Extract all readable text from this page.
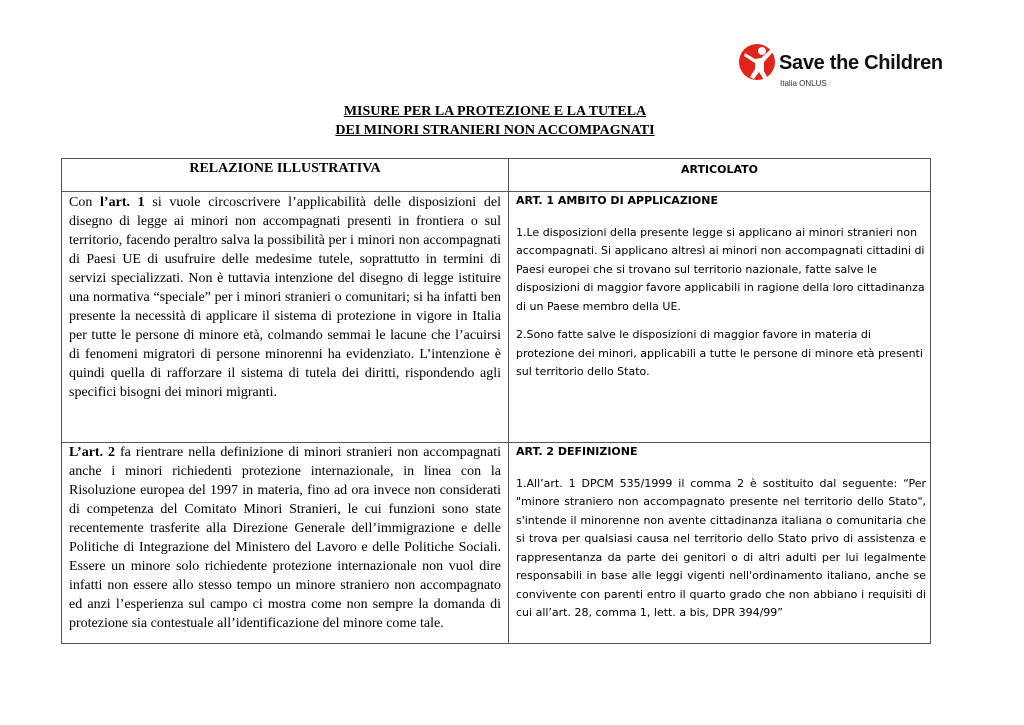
Save the Children
Italia ONLUS
MISURE PER LA PROTEZIONE E LA TUTELA
DEI MINORI STRANIERI NON ACCOMPAGNATI
RELAZIONE ILLUSTRATIVA	ARTICOLATO
Con l’art. 1 si vuole circoscrivere l’applicabilità delle disposizioni del disegno di legge ai minori non accompagnati presenti in frontiera o sul territorio, facendo peraltro salva la possibilità per i minori non accompagnati di Paesi UE di usufruire delle medesime tutele, soprattutto in termini di servizi specializzati. Non è tuttavia intenzione del disegno di legge istituire una normativa “speciale” per i minori stranieri o comunitari; si ha infatti ben presente la necessità di applicare il sistema di protezione in vigore in Italia per tutte le persone di minore età, colmando semmai le lacune che l’acuirsi di fenomeni migratori di persone minorenni ha evidenziato. L’intenzione è quindi quella di rafforzare il sistema di tutela dei diritti, rispondendo agli specifici bisogni dei minori migranti.
ART. 1 AMBITO DI APPLICAZIONE

1.Le disposizioni della presente legge si applicano ai minori stranieri non accompagnati. Si applicano altresì ai minori non accompagnati cittadini di Paesi europei che si trovano sul territorio nazionale, fatte salve le disposizioni di maggior favore applicabili in ragione della loro cittadinanza di un Paese membro della UE.

2.Sono fatte salve le disposizioni di maggior favore in materia di protezione dei minori, applicabili a tutte le persone di minore età presenti sul territorio dello Stato.

L’art. 2 fa rientrare nella definizione di minori stranieri non accompagnati anche i minori richiedenti protezione internazionale, in linea con la Risoluzione europea del 1997 in materia, fino ad ora invece non considerati di competenza del Comitato Minori Stranieri, le cui funzioni sono state recentemente trasferite alla Direzione Generale dell’immigrazione e delle Politiche di Integrazione del Ministero del Lavoro e delle Politiche Sociali. Essere un minore solo richiedente protezione internazionale non vuol dire infatti non essere allo stesso tempo un minore straniero non accompagnato ed anzi l’esperienza sul campo ci mostra come non sempre la domanda di protezione sia contestuale all’identificazione del minore come tale.
ART. 2 DEFINIZIONE

1.All’art. 1 DPCM 535/1999 il comma 2 è sostituito dal seguente: “Per "minore straniero non accompagnato presente nel territorio dello Stato", s'intende il minorenne non avente cittadinanza italiana o comunitaria che si trova per qualsiasi causa nel territorio dello Stato privo di assistenza e rappresentanza da parte dei genitori o di altri adulti per lui legalmente responsabili in base alle leggi vigenti nell'ordinamento italiano, anche se convivente con parenti entro il quarto grado che non abbiano i requisiti di cui all’art. 28, comma 1, lett. a bis, DPR 394/99”
